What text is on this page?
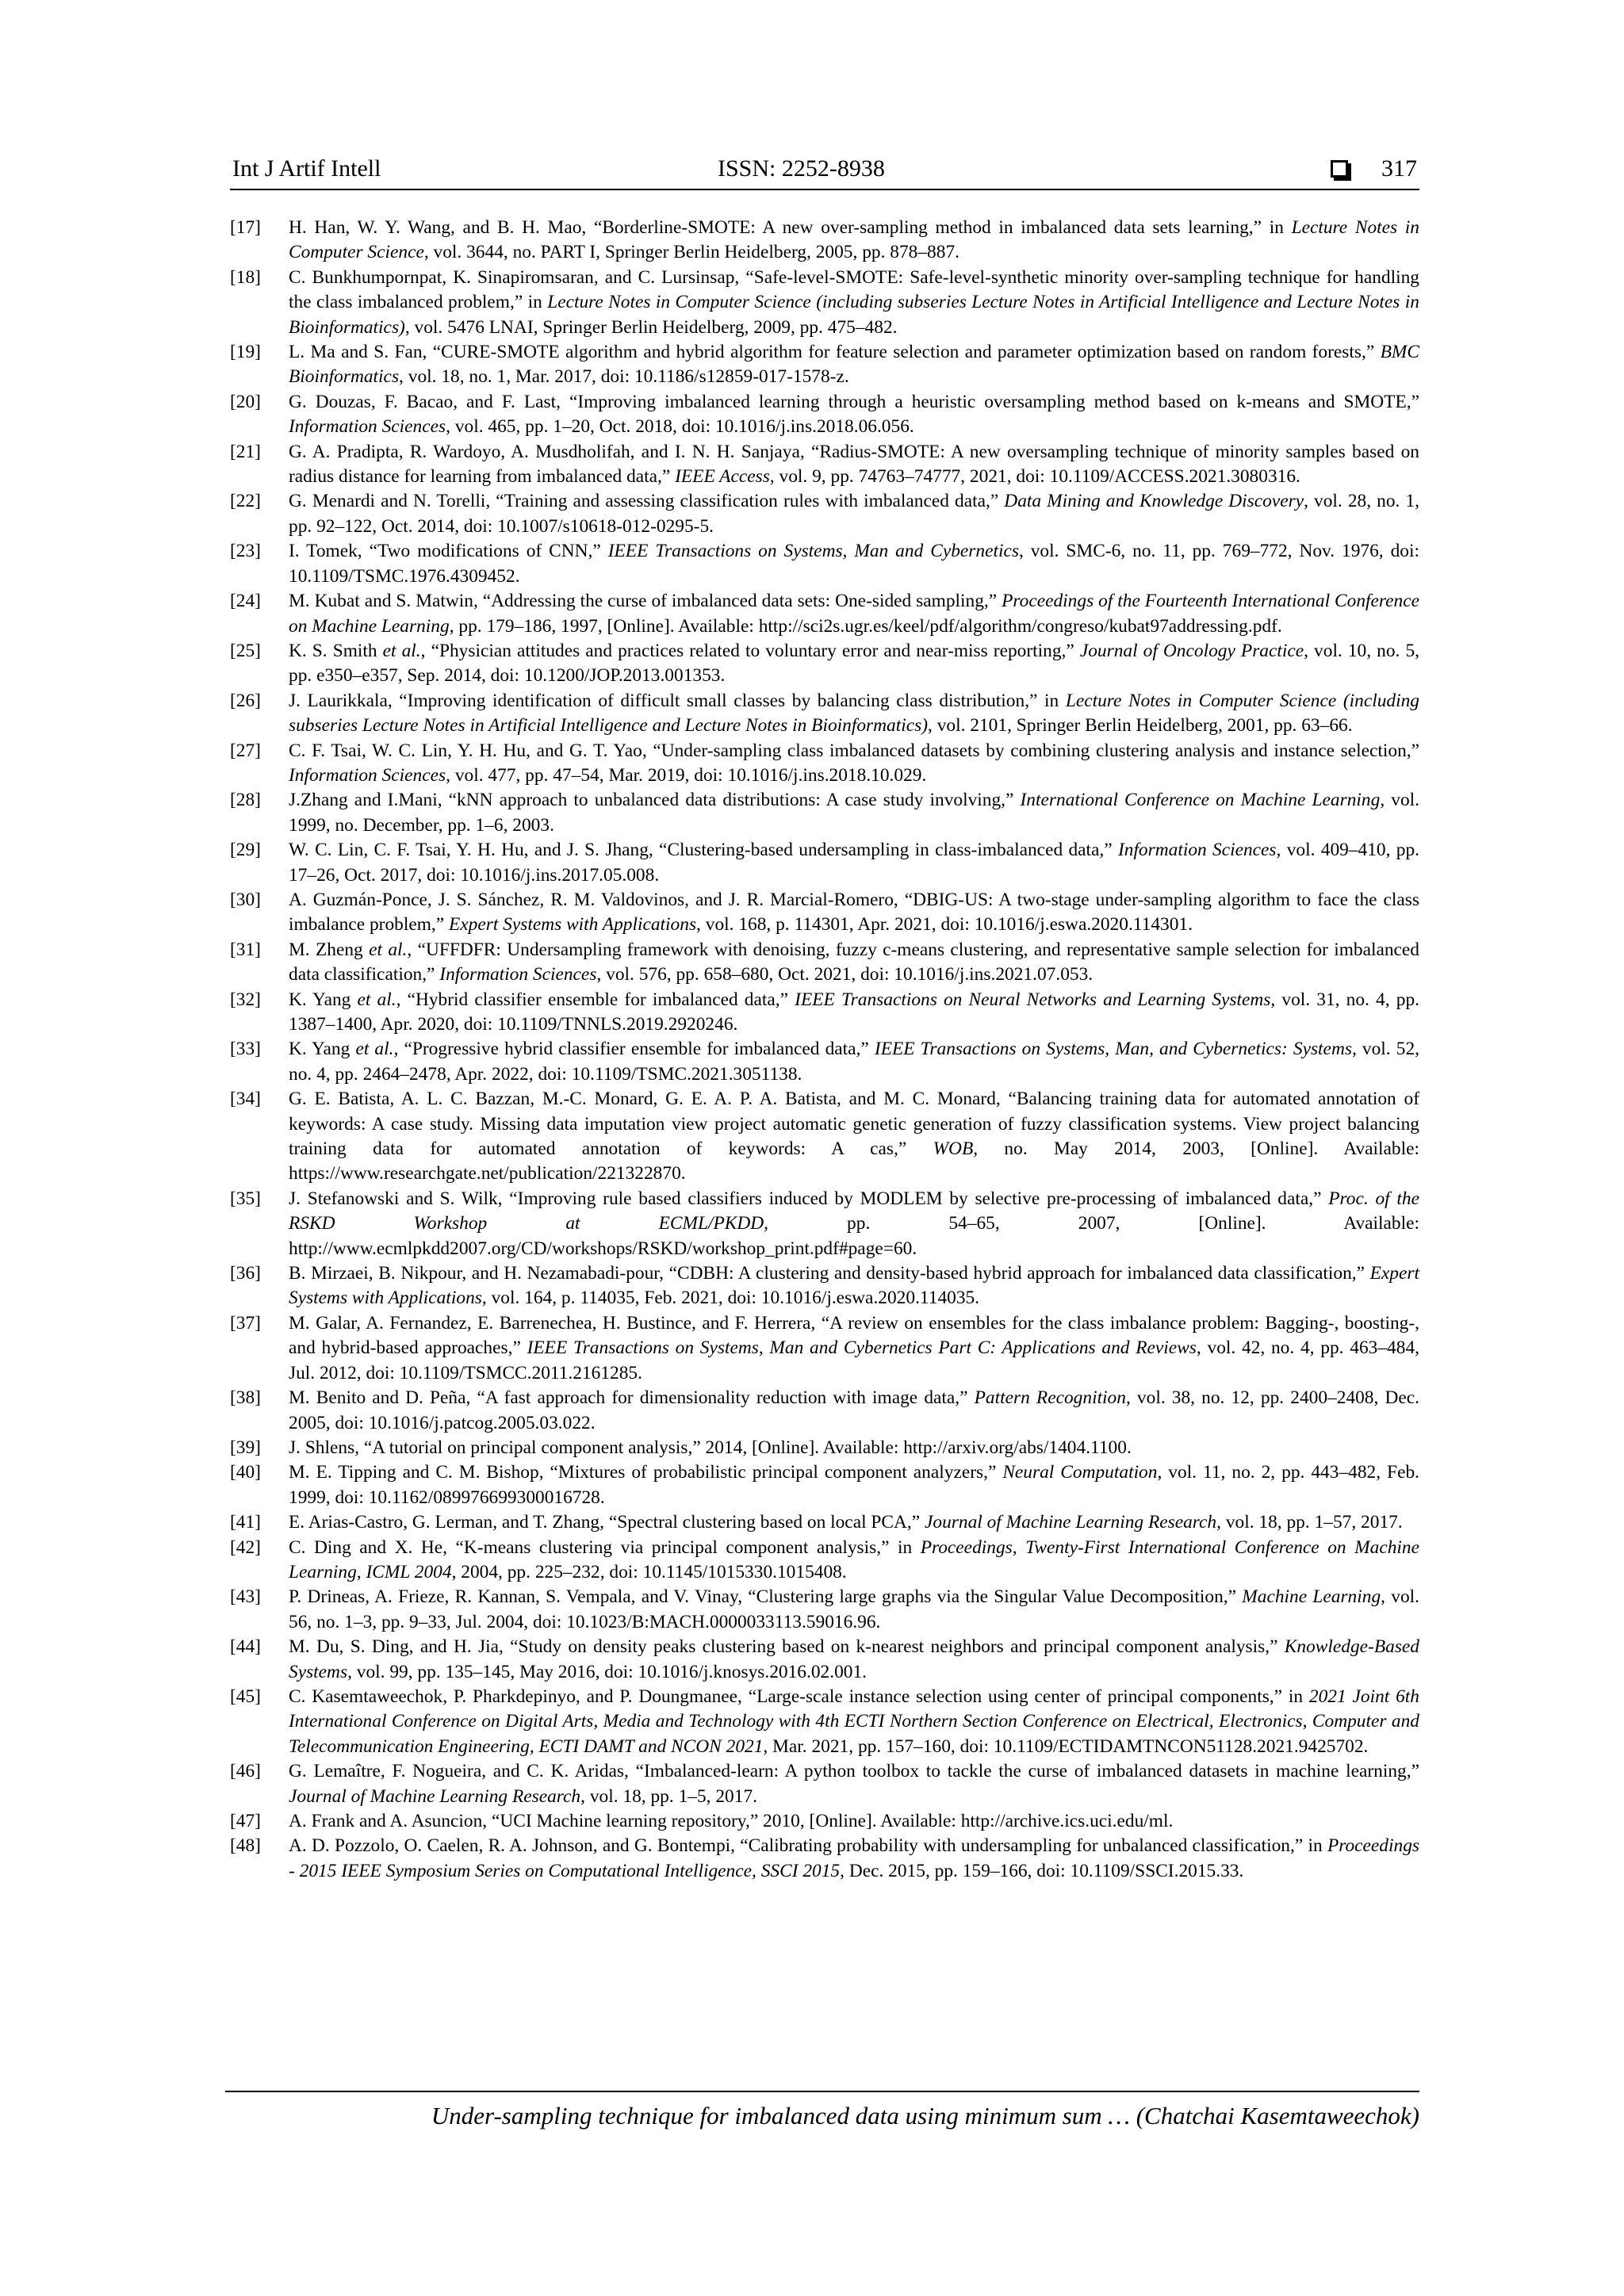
Int J Artif Intell	ISSN: 2252-8938	317
[17]	H. Han, W. Y. Wang, and B. H. Mao, “Borderline-SMOTE: A new over-sampling method in imbalanced data sets learning,” in Lecture Notes in Computer Science, vol. 3644, no. PART I, Springer Berlin Heidelberg, 2005, pp. 878–887.
[18]	C. Bunkhumpornpat, K. Sinapiromsaran, and C. Lursinsap, “Safe-level-SMOTE: Safe-level-synthetic minority over-sampling technique for handling the class imbalanced problem,” in Lecture Notes in Computer Science (including subseries Lecture Notes in Artificial Intelligence and Lecture Notes in Bioinformatics), vol. 5476 LNAI, Springer Berlin Heidelberg, 2009, pp. 475–482.
[19]	L. Ma and S. Fan, “CURE-SMOTE algorithm and hybrid algorithm for feature selection and parameter optimization based on random forests,” BMC Bioinformatics, vol. 18, no. 1, Mar. 2017, doi: 10.1186/s12859-017-1578-z.
[20]	G. Douzas, F. Bacao, and F. Last, “Improving imbalanced learning through a heuristic oversampling method based on k-means and SMOTE,” Information Sciences, vol. 465, pp. 1–20, Oct. 2018, doi: 10.1016/j.ins.2018.06.056.
[21]	G. A. Pradipta, R. Wardoyo, A. Musdholifah, and I. N. H. Sanjaya, “Radius-SMOTE: A new oversampling technique of minority samples based on radius distance for learning from imbalanced data,” IEEE Access, vol. 9, pp. 74763–74777, 2021, doi: 10.1109/ACCESS.2021.3080316.
[22]	G. Menardi and N. Torelli, “Training and assessing classification rules with imbalanced data,” Data Mining and Knowledge Discovery, vol. 28, no. 1, pp. 92–122, Oct. 2014, doi: 10.1007/s10618-012-0295-5.
[23]	I. Tomek, “Two modifications of CNN,” IEEE Transactions on Systems, Man and Cybernetics, vol. SMC-6, no. 11, pp. 769–772, Nov. 1976, doi: 10.1109/TSMC.1976.4309452.
[24]	M. Kubat and S. Matwin, “Addressing the curse of imbalanced data sets: One-sided sampling,” Proceedings of the Fourteenth International Conference on Machine Learning, pp. 179–186, 1997, [Online]. Available: http://sci2s.ugr.es/keel/pdf/algorithm/congreso/kubat97addressing.pdf.
[25]	K. S. Smith et al., “Physician attitudes and practices related to voluntary error and near-miss reporting,” Journal of Oncology Practice, vol. 10, no. 5, pp. e350–e357, Sep. 2014, doi: 10.1200/JOP.2013.001353.
[26]	J. Laurikkala, “Improving identification of difficult small classes by balancing class distribution,” in Lecture Notes in Computer Science (including subseries Lecture Notes in Artificial Intelligence and Lecture Notes in Bioinformatics), vol. 2101, Springer Berlin Heidelberg, 2001, pp. 63–66.
[27]	C. F. Tsai, W. C. Lin, Y. H. Hu, and G. T. Yao, “Under-sampling class imbalanced datasets by combining clustering analysis and instance selection,” Information Sciences, vol. 477, pp. 47–54, Mar. 2019, doi: 10.1016/j.ins.2018.10.029.
[28]	J.Zhang and I.Mani, “kNN approach to unbalanced data distributions: A case study involving,” International Conference on Machine Learning, vol. 1999, no. December, pp. 1–6, 2003.
[29]	W. C. Lin, C. F. Tsai, Y. H. Hu, and J. S. Jhang, “Clustering-based undersampling in class-imbalanced data,” Information Sciences, vol. 409–410, pp. 17–26, Oct. 2017, doi: 10.1016/j.ins.2017.05.008.
[30]	A. Guzmán-Ponce, J. S. Sánchez, R. M. Valdovinos, and J. R. Marcial-Romero, “DBIG-US: A two-stage under-sampling algorithm to face the class imbalance problem,” Expert Systems with Applications, vol. 168, p. 114301, Apr. 2021, doi: 10.1016/j.eswa.2020.114301.
[31]	M. Zheng et al., “UFFDFR: Undersampling framework with denoising, fuzzy c-means clustering, and representative sample selection for imbalanced data classification,” Information Sciences, vol. 576, pp. 658–680, Oct. 2021, doi: 10.1016/j.ins.2021.07.053.
[32]	K. Yang et al., “Hybrid classifier ensemble for imbalanced data,” IEEE Transactions on Neural Networks and Learning Systems, vol. 31, no. 4, pp. 1387–1400, Apr. 2020, doi: 10.1109/TNNLS.2019.2920246.
[33]	K. Yang et al., “Progressive hybrid classifier ensemble for imbalanced data,” IEEE Transactions on Systems, Man, and Cybernetics: Systems, vol. 52, no. 4, pp. 2464–2478, Apr. 2022, doi: 10.1109/TSMC.2021.3051138.
[34]	G. E. Batista, A. L. C. Bazzan, M.-C. Monard, G. E. A. P. A. Batista, and M. C. Monard, “Balancing training data for automated annotation of keywords: A case study. Missing data imputation view project automatic genetic generation of fuzzy classification systems. View project balancing training data for automated annotation of keywords: A cas,” WOB, no. May 2014, 2003, [Online]. Available: https://www.researchgate.net/publication/221322870.
[35]	J. Stefanowski and S. Wilk, “Improving rule based classifiers induced by MODLEM by selective pre-processing of imbalanced data,” Proc. of the RSKD Workshop at ECML/PKDD, pp. 54–65, 2007, [Online]. Available: http://www.ecmlpkdd2007.org/CD/workshops/RSKD/workshop_print.pdf#page=60.
[36]	B. Mirzaei, B. Nikpour, and H. Nezamabadi-pour, “CDBH: A clustering and density-based hybrid approach for imbalanced data classification,” Expert Systems with Applications, vol. 164, p. 114035, Feb. 2021, doi: 10.1016/j.eswa.2020.114035.
[37]	M. Galar, A. Fernandez, E. Barrenechea, H. Bustince, and F. Herrera, “A review on ensembles for the class imbalance problem: Bagging-, boosting-, and hybrid-based approaches,” IEEE Transactions on Systems, Man and Cybernetics Part C: Applications and Reviews, vol. 42, no. 4, pp. 463–484, Jul. 2012, doi: 10.1109/TSMCC.2011.2161285.
[38]	M. Benito and D. Peña, “A fast approach for dimensionality reduction with image data,” Pattern Recognition, vol. 38, no. 12, pp. 2400–2408, Dec. 2005, doi: 10.1016/j.patcog.2005.03.022.
[39]	J. Shlens, “A tutorial on principal component analysis,” 2014, [Online]. Available: http://arxiv.org/abs/1404.1100.
[40]	M. E. Tipping and C. M. Bishop, “Mixtures of probabilistic principal component analyzers,” Neural Computation, vol. 11, no. 2, pp. 443–482, Feb. 1999, doi: 10.1162/089976699300016728.
[41]	E. Arias-Castro, G. Lerman, and T. Zhang, “Spectral clustering based on local PCA,” Journal of Machine Learning Research, vol. 18, pp. 1–57, 2017.
[42]	C. Ding and X. He, “K-means clustering via principal component analysis,” in Proceedings, Twenty-First International Conference on Machine Learning, ICML 2004, 2004, pp. 225–232, doi: 10.1145/1015330.1015408.
[43]	P. Drineas, A. Frieze, R. Kannan, S. Vempala, and V. Vinay, “Clustering large graphs via the Singular Value Decomposition,” Machine Learning, vol. 56, no. 1–3, pp. 9–33, Jul. 2004, doi: 10.1023/B:MACH.0000033113.59016.96.
[44]	M. Du, S. Ding, and H. Jia, “Study on density peaks clustering based on k-nearest neighbors and principal component analysis,” Knowledge-Based Systems, vol. 99, pp. 135–145, May 2016, doi: 10.1016/j.knosys.2016.02.001.
[45]	C. Kasemtaweechok, P. Pharkdepinyo, and P. Doungmanee, “Large-scale instance selection using center of principal components,” in 2021 Joint 6th International Conference on Digital Arts, Media and Technology with 4th ECTI Northern Section Conference on Electrical, Electronics, Computer and Telecommunication Engineering, ECTI DAMT and NCON 2021, Mar. 2021, pp. 157–160, doi: 10.1109/ECTIDAMTNCON51128.2021.9425702.
[46]	G. Lemaître, F. Nogueira, and C. K. Aridas, “Imbalanced-learn: A python toolbox to tackle the curse of imbalanced datasets in machine learning,” Journal of Machine Learning Research, vol. 18, pp. 1–5, 2017.
[47]	A. Frank and A. Asuncion, “UCI Machine learning repository,” 2010, [Online]. Available: http://archive.ics.uci.edu/ml.
[48]	A. D. Pozzolo, O. Caelen, R. A. Johnson, and G. Bontempi, “Calibrating probability with undersampling for unbalanced classification,” in Proceedings - 2015 IEEE Symposium Series on Computational Intelligence, SSCI 2015, Dec. 2015, pp. 159–166, doi: 10.1109/SSCI.2015.33.
Under-sampling technique for imbalanced data using minimum sum … (Chatchai Kasemtaweechok)
